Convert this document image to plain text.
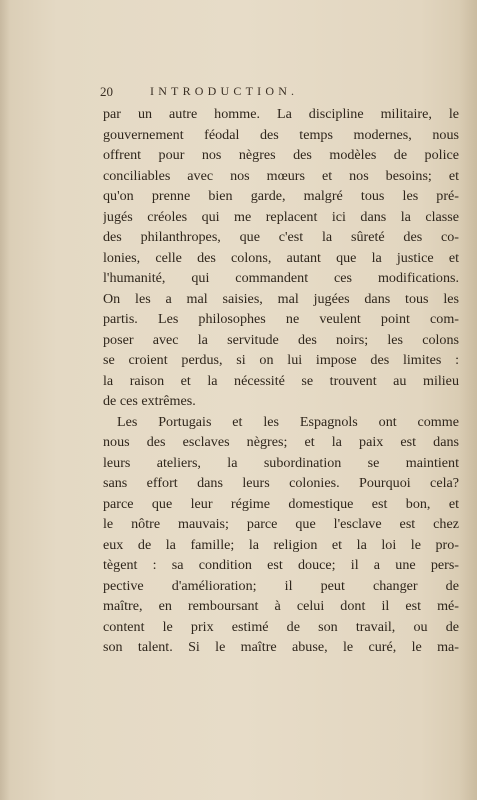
20	INTRODUCTION.
par un autre homme. La discipline militaire, le
gouvernement féodal des temps modernes, nous
offrent pour nos nègres des modèles de police
conciliables avec nos mœurs et nos besoins; et
qu'on prenne bien garde, malgré tous les pré-
jugés créoles qui me replacent ici dans la classe
des philanthropes, que c'est la sûreté des co-
lonies, celle des colons, autant que la justice et
l'humanité, qui commandent ces modifications.
On les a mal saisies, mal jugées dans tous les
partis. Les philosophes ne veulent point com-
poser avec la servitude des noirs; les colons
se croient perdus, si on lui impose des limites :
la raison et la nécessité se trouvent au milieu
de ces extrêmes.
Les Portugais et les Espagnols ont comme
nous des esclaves nègres; et la paix est dans
leurs ateliers, la subordination se maintient
sans effort dans leurs colonies. Pourquoi cela?
parce que leur régime domestique est bon, et
le nôtre mauvais; parce que l'esclave est chez
eux de la famille; la religion et la loi le pro-
tègent : sa condition est douce; il a une pers-
pective d'amélioration; il peut changer de
maître, en remboursant à celui dont il est mé-
content le prix estimé de son travail, ou de
son talent. Si le maître abuse, le curé, le ma-
